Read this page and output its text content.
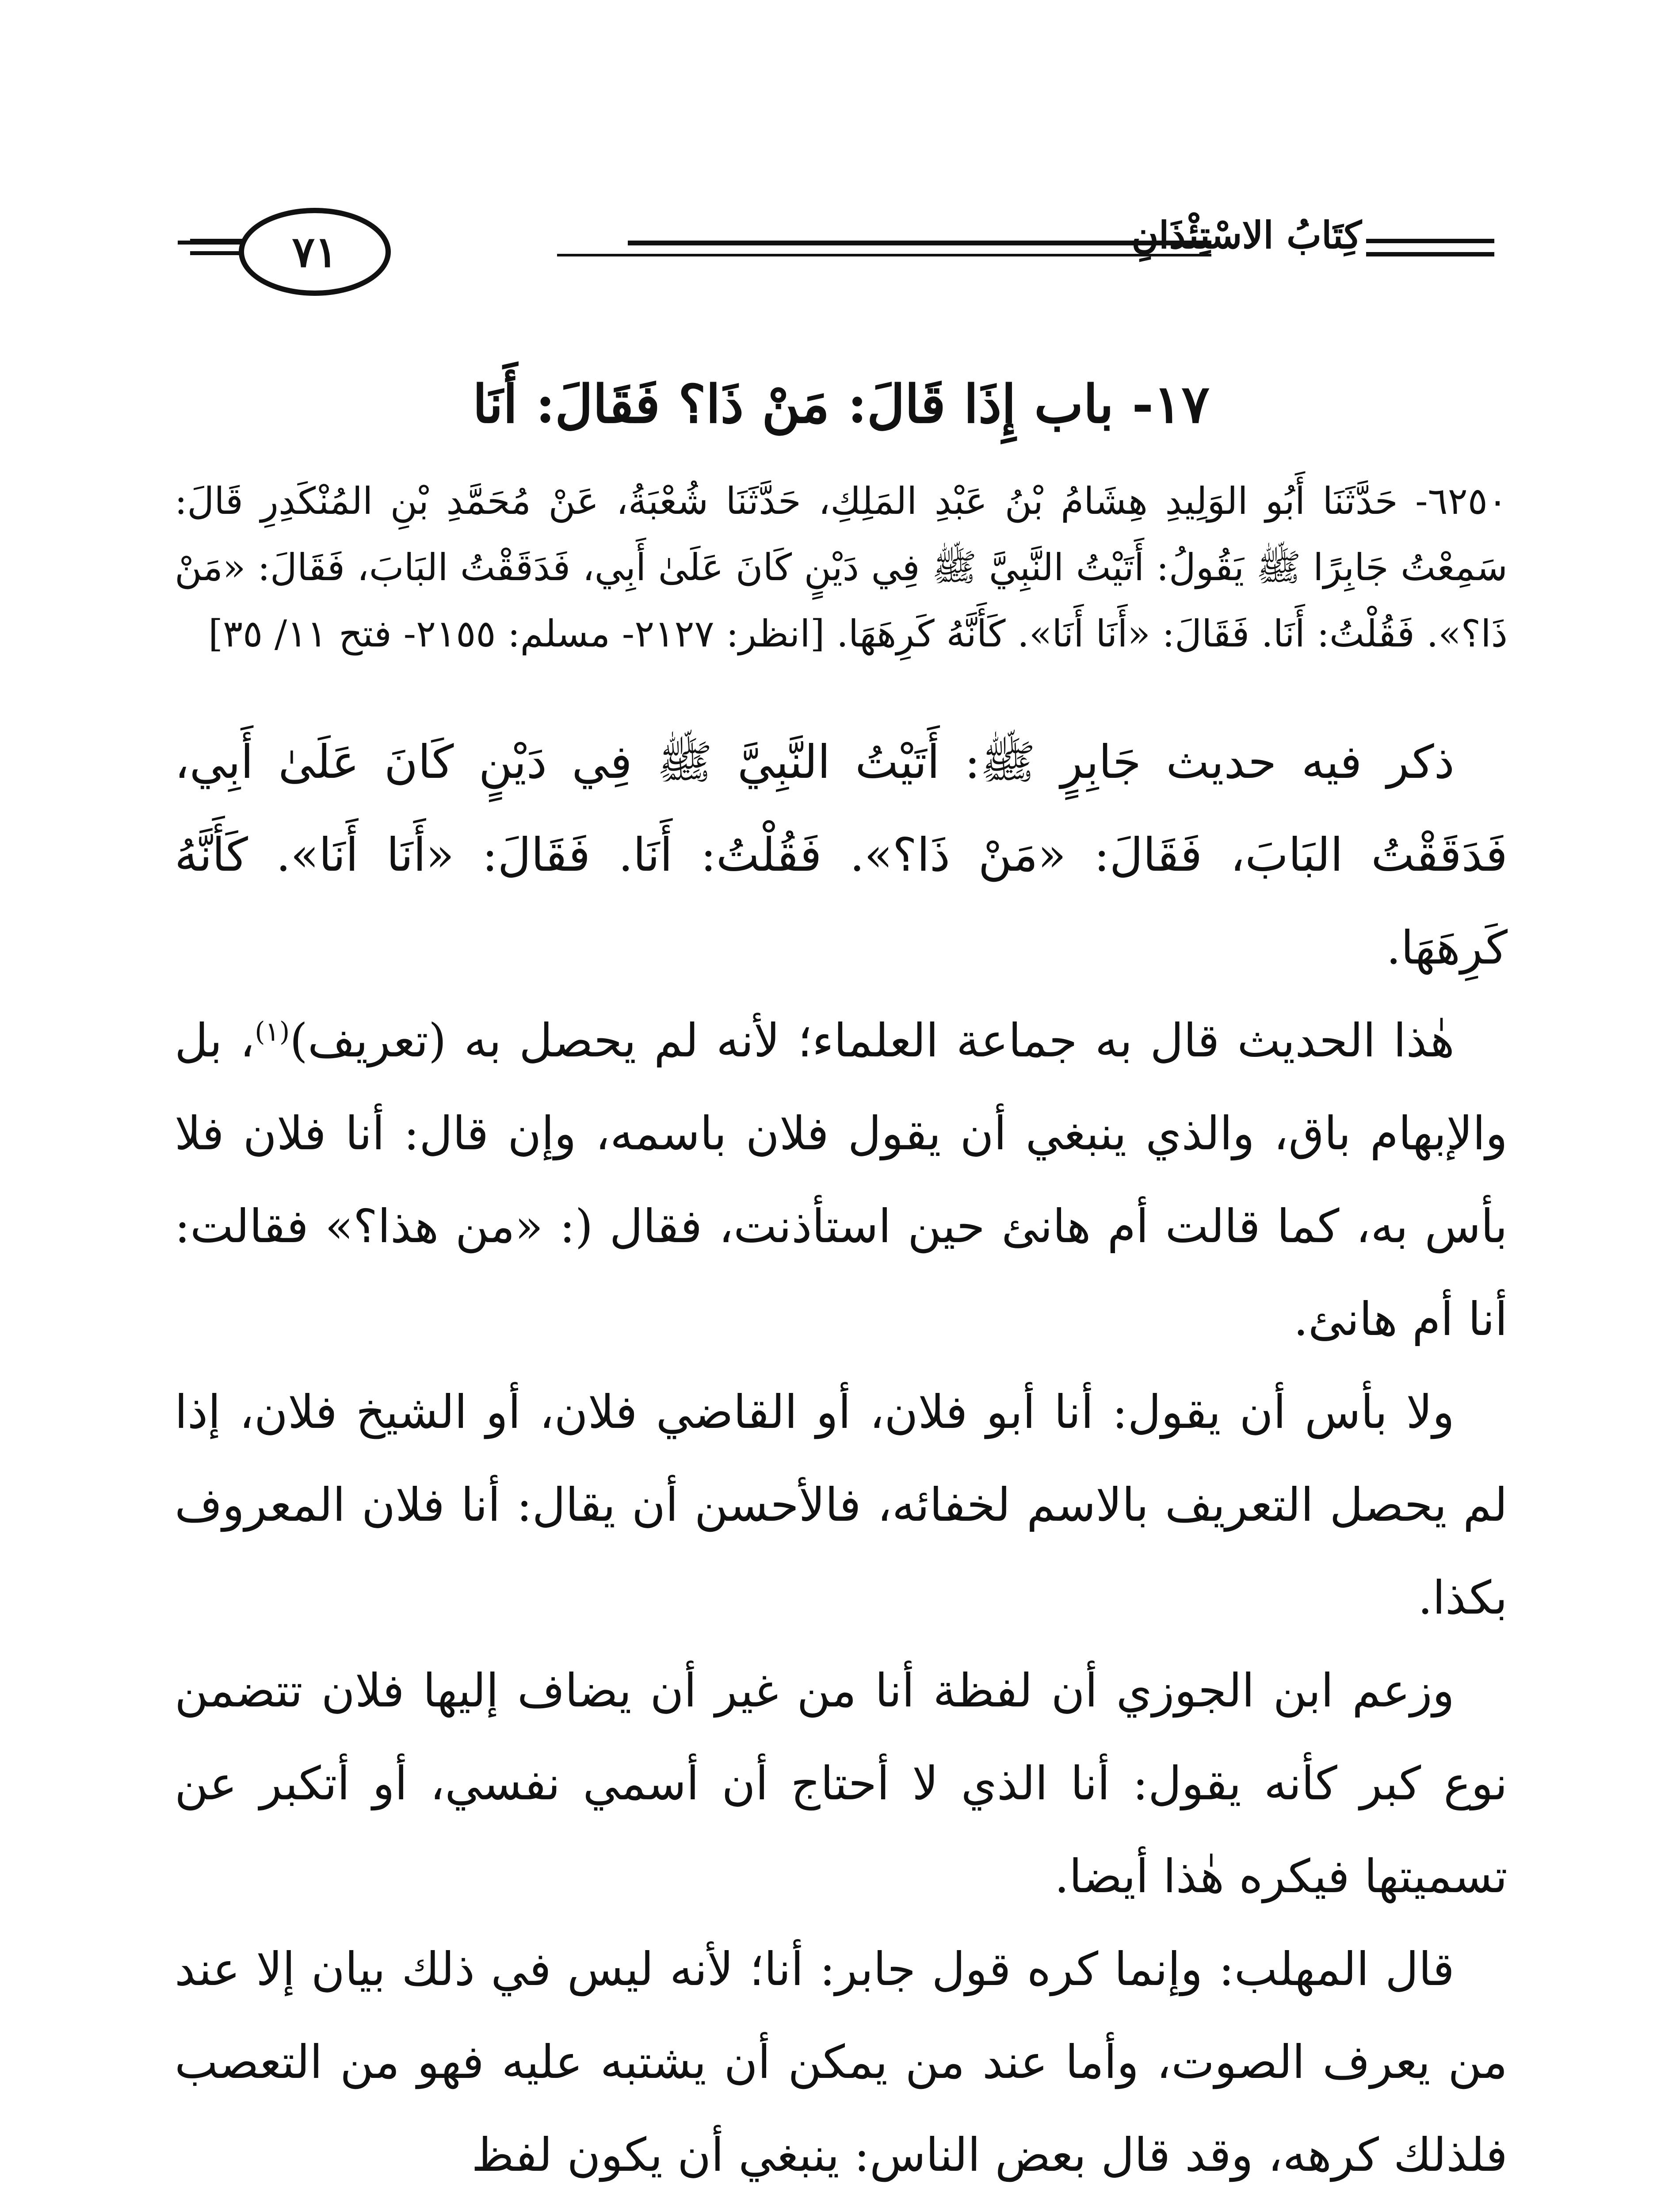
٧١	كِتَابُ الاسْتِئْذَانِ
١٧- باب إِذَا قَالَ: مَنْ ذَا؟ فَقَالَ: أَنَا

٦٢٥٠- حَدَّثَنَا أَبُو الوَلِيدِ هِشَامُ بْنُ عَبْدِ المَلِكِ، حَدَّثَنَا شُعْبَةُ، عَنْ مُحَمَّدِ بْنِ المُنْكَدِرِ قَالَ: سَمِعْتُ جَابِرًا ﷺ يَقُولُ: أَتَيْتُ النَّبِيَّ ﷺ فِي دَيْنٍ كَانَ عَلَىٰ أَبِي، فَدَقَقْتُ البَابَ، فَقَالَ: «مَنْ ذَا؟». فَقُلْتُ: أَنَا. فَقَالَ: «أَنَا أَنَا». كَأَنَّهُ كَرِهَهَا. [انظر: ٢١٢٧- مسلم: ٢١٥٥- فتح ١١/ ٣٥]

ذكر فيه حديث جَابِرٍ ﷺ: أَتَيْتُ النَّبِيَّ ﷺ فِي دَيْنٍ كَانَ عَلَىٰ أَبِي، فَدَقَقْتُ البَابَ، فَقَالَ: «مَنْ ذَا؟». فَقُلْتُ: أَنَا. فَقَالَ: «أَنَا أَنَا». كَأَنَّهُ كَرِهَهَا.

هٰذا الحديث قال به جماعة العلماء؛ لأنه لم يحصل به (تعريف)$^{(١)}$، بل والإبهام باق، والذي ينبغي أن يقول فلان باسمه، وإن قال: أنا فلان فلا بأس به، كما قالت أم هانئ حين استأذنت، فقال (: «من هذا؟» فقالت: أنا أم هانئ.

ولا بأس أن يقول: أنا أبو فلان، أو القاضي فلان، أو الشيخ فلان، إذا لم يحصل التعريف بالاسم لخفائه، فالأحسن أن يقال: أنا فلان المعروف بكذا.

وزعم ابن الجوزي أن لفظة أنا من غير أن يضاف إليها فلان تتضمن نوع كبر كأنه يقول: أنا الذي لا أحتاج أن أسمي نفسي، أو أتكبر عن تسميتها فيكره هٰذا أيضا.

قال المهلب: وإنما كره قول جابر: أنا؛ لأنه ليس في ذلك بيان إلا عند من يعرف الصوت، وأما عند من يمكن أن يشتبه عليه فهو من التعصب فلذلك كرهه، وقد قال بعض الناس: ينبغي أن يكون لفظ
